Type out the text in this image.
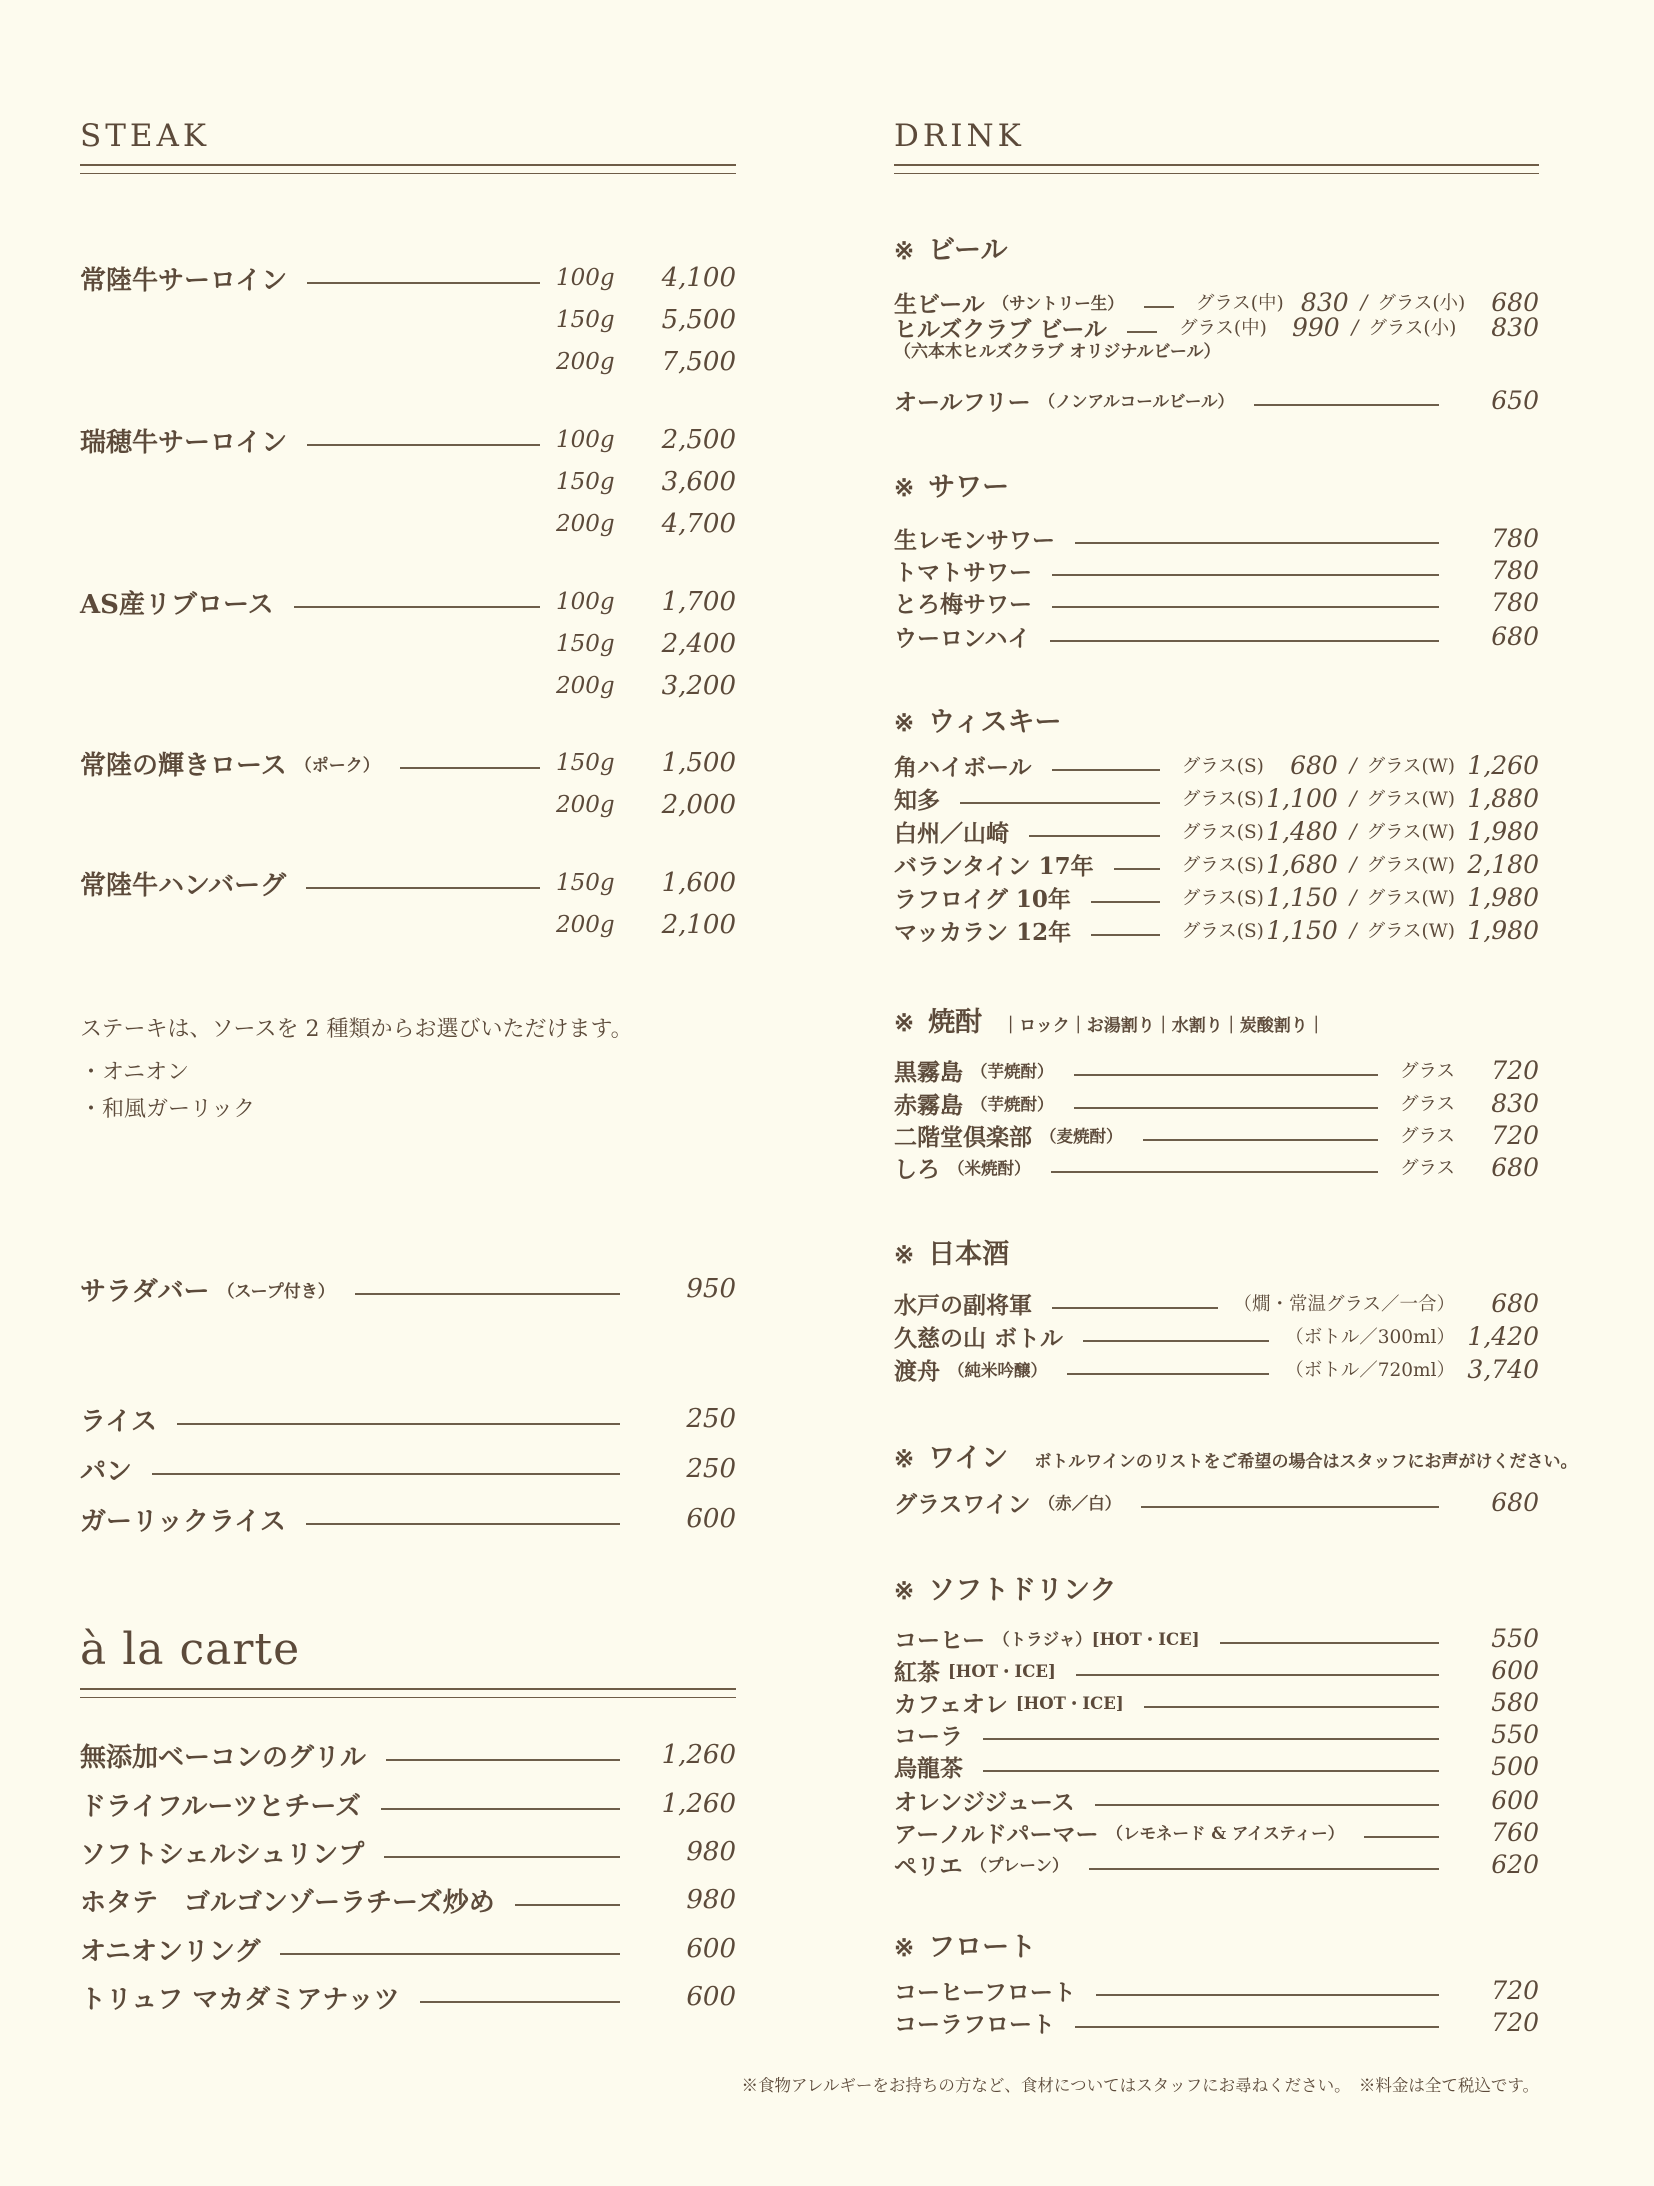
STEAK
常陸牛サーロイン	100g	4,100
150g	5,500
200g	7,500
瑞穂牛サーロイン	100g	2,500
150g	3,600
200g	4,700
AS産リブロース	100g	1,700
150g	2,400
200g	3,200
常陸の輝きロース （ポーク）	150g	1,500
200g	2,000
常陸牛ハンバーグ	150g	1,600
200g	2,100
ステーキは、ソースを 2 種類からお選びいただけます。
・オニオン
・和風ガーリック
サラダバー （スープ付き）	950
ライス	250
パン	250
ガーリックライス	600
à la carte
無添加ベーコンのグリル	1,260
ドライフルーツとチーズ	1,260
ソフトシェルシュリンプ	980
ホタテ　ゴルゴンゾーラチーズ炒め	980
オニオンリング	600
トリュフ マカダミアナッツ	600
DRINK
※ ビール
生ビール （サントリー生）	グラス(中) 830 / グラス(小)	680
ヒルズクラブ ビール	グラス(中)	990 / グラス(小)	830
（六本木ヒルズクラブ オリジナルビール）
オールフリー （ノンアルコールビール）	650
※ サワー
生レモンサワー	780
トマトサワー	780
とろ梅サワー	780
ウーロンハイ	680
※ ウィスキー
角ハイボール	グラス(S)	680 / グラス(W) 1,260
知多	グラス(S) 1,100 / グラス(W) 1,880
白州／山崎	グラス(S) 1,480 / グラス(W) 1,980
バランタイン 17年	グラス(S) 1,680 / グラス(W) 2,180
ラフロイグ 10年	グラス(S) 1,150 / グラス(W) 1,980
マッカラン 12年	グラス(S) 1,150 / グラス(W) 1,980
※ 焼酎 ｜ロック｜お湯割り｜水割り｜炭酸割り｜
黒霧島 （芋焼酎）	グラス	720
赤霧島 （芋焼酎）	グラス	830
二階堂倶楽部 （麦焼酎）	グラス	720
しろ （米焼酎）	グラス	680
※ 日本酒
水戸の副将軍	（燗・常温グラス／一合）	680
久慈の山 ボトル	（ボトル／300ml） 1,420
渡舟 （純米吟醸）	（ボトル／720ml） 3,740
※ ワイン ボトルワインのリストをご希望の場合はスタッフにお声がけください。
グラスワイン （赤／白）	680
※ ソフトドリンク
コーヒー （トラジャ）[HOT・ICE]	550
紅茶 [HOT・ICE]	600
カフェオレ [HOT・ICE]	580
コーラ	550
烏龍茶	500
オレンジジュース	600
アーノルドパーマー （レモネード & アイスティー）	760
ペリエ （プレーン）	620
※ フロート
コーヒーフロート	720
コーラフロート	720
※食物アレルギーをお持ちの方など、食材についてはスタッフにお尋ねください。　※料金は全て税込です。
